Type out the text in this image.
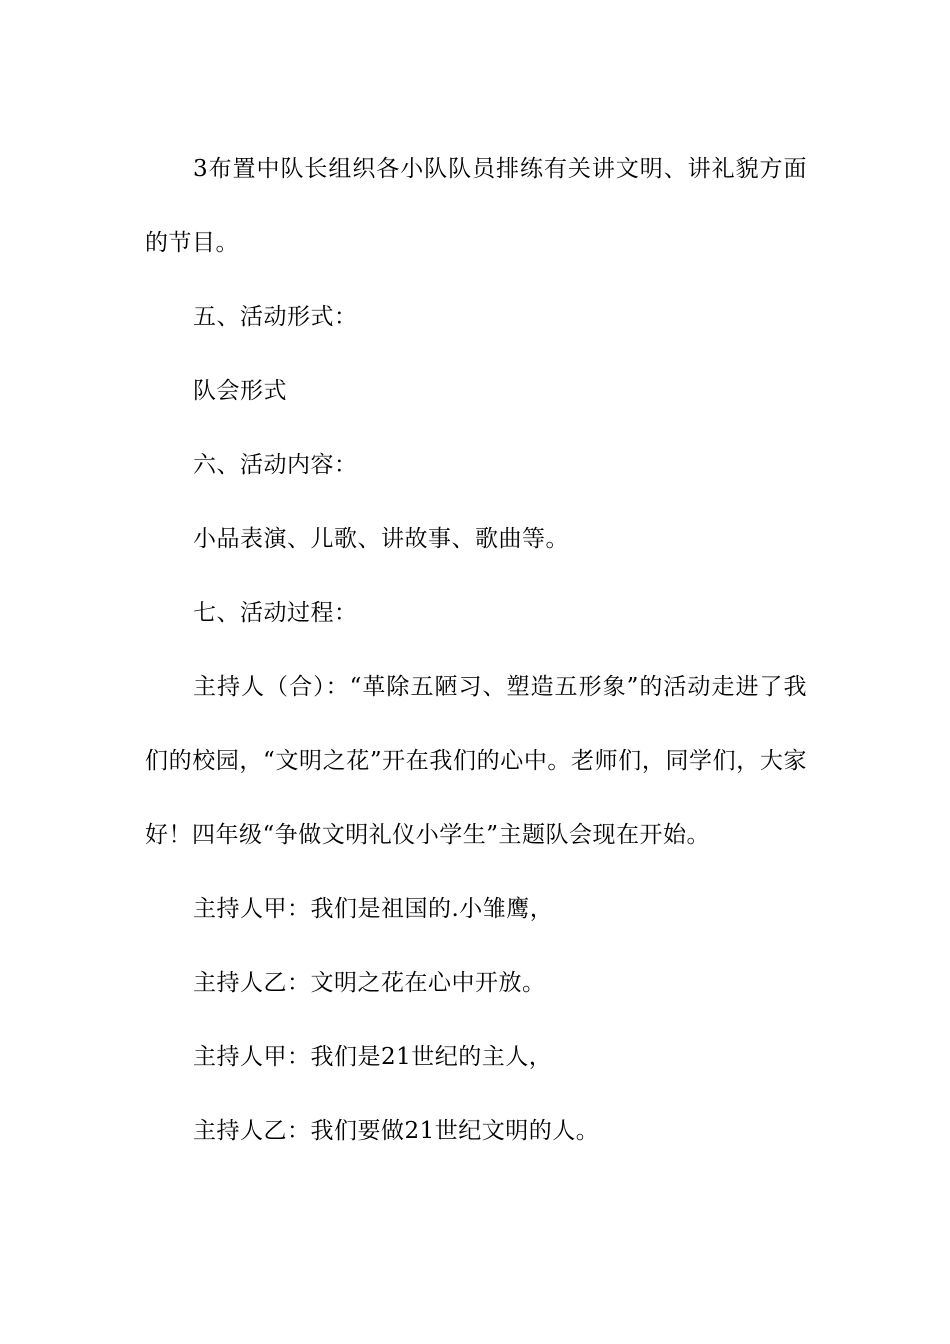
3布置中队长组织各小队队员排练有关讲文明、讲礼貌方面的节目。

五、活动形式：

队会形式

六、活动内容：

小品表演、儿歌、讲故事、歌曲等。

七、活动过程：

主持人（合）：“革除五陋习、塑造五形象”的活动走进了我们的校园，“文明之花”开在我们的心中。老师们，同学们，大家好！四年级“争做文明礼仪小学生”主题队会现在开始。

主持人甲：我们是祖国的.小雏鹰，

主持人乙：文明之花在心中开放。

主持人甲：我们是21世纪的主人，

主持人乙：我们要做21世纪文明的人。
